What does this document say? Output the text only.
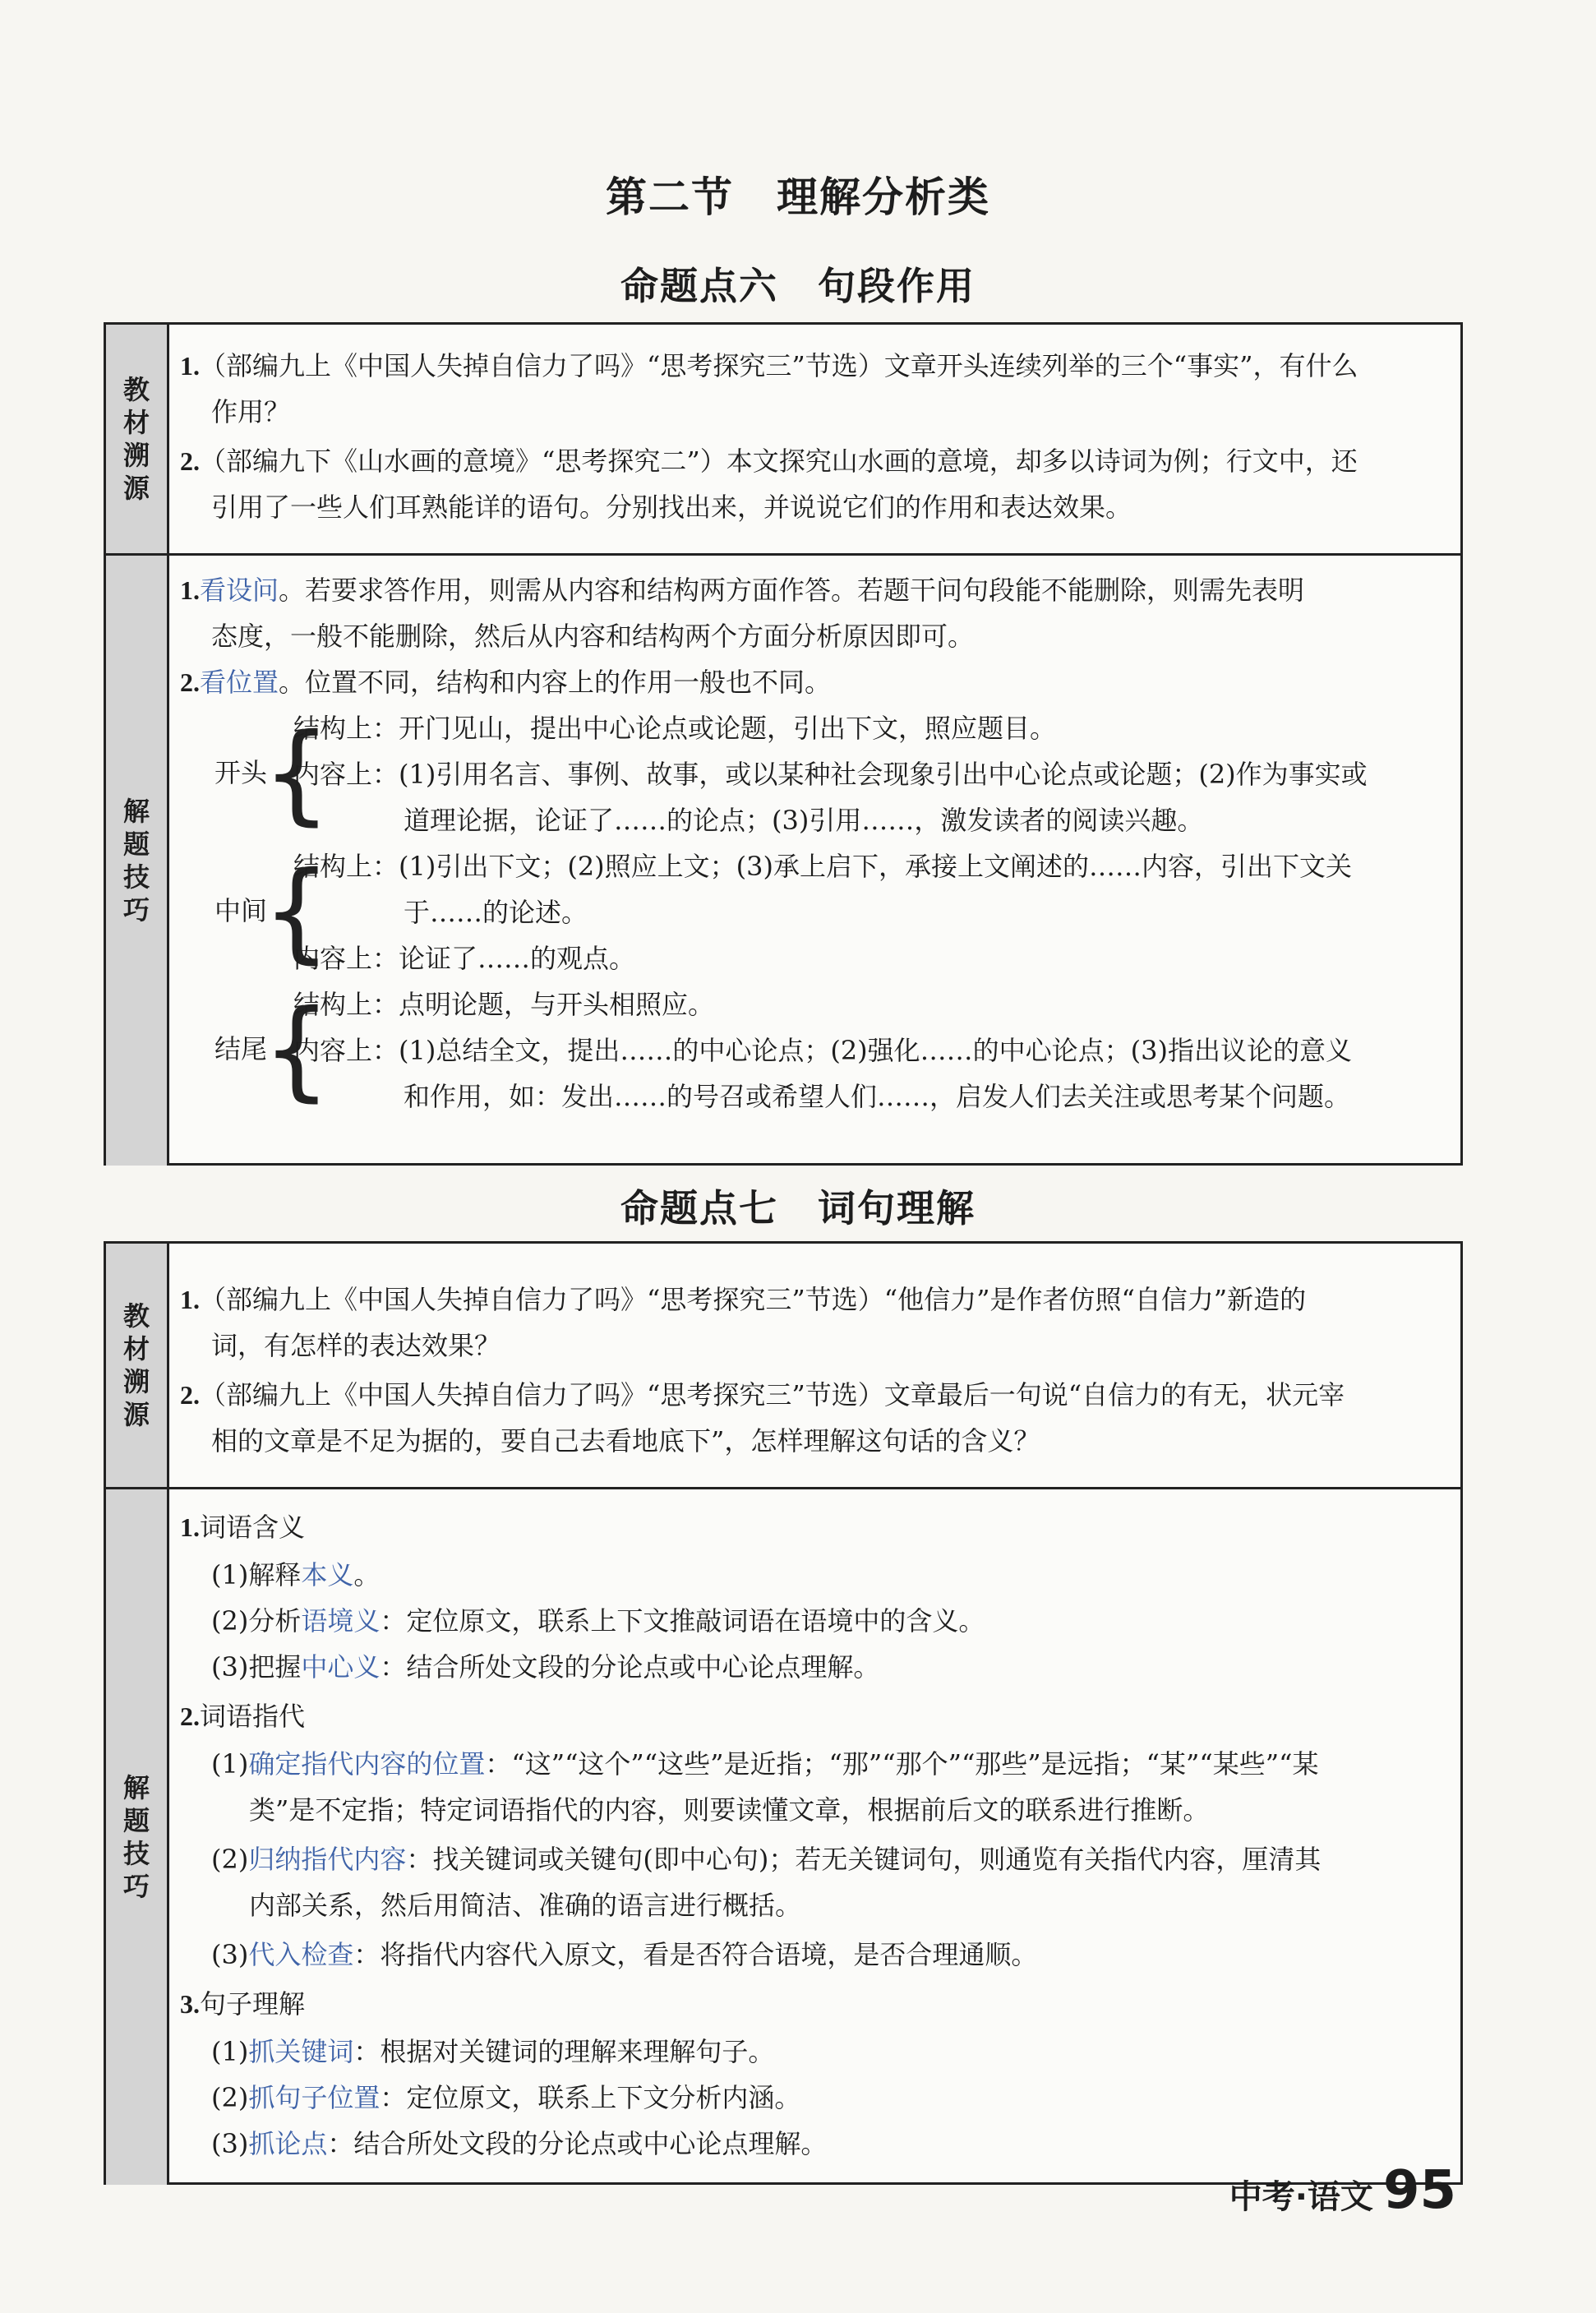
第二节　理解分析类
命题点六　句段作用
教材溯源
1.（部编九上《中国人失掉自信力了吗》“思考探究三”节选）文章开头连续列举的三个“事实”，有什么
作用？
2.（部编九下《山水画的意境》“思考探究二”）本文探究山水画的意境，却多以诗词为例；行文中，还
引用了一些人们耳熟能详的语句。分别找出来，并说说它们的作用和表达效果。
解题技巧
1.看设问。若要求答作用，则需从内容和结构两方面作答。若题干问句段能不能删除，则需先表明
态度，一般不能删除，然后从内容和结构两个方面分析原因即可。
2.看位置。位置不同，结构和内容上的作用一般也不同。
开头
{
结构上：开门见山，提出中心论点或论题，引出下文，照应题目。
内容上：(1)引用名言、事例、故事，或以某种社会现象引出中心论点或论题；(2)作为事实或
道理论据，论证了……的论点；(3)引用……，激发读者的阅读兴趣。
中间
{
结构上：(1)引出下文；(2)照应上文；(3)承上启下，承接上文阐述的……内容，引出下文关
于……的论述。
内容上：论证了……的观点。
结尾
{
结构上：点明论题，与开头相照应。
内容上：(1)总结全文，提出……的中心论点；(2)强化……的中心论点；(3)指出议论的意义
和作用，如：发出……的号召或希望人们……，启发人们去关注或思考某个问题。
命题点七　词句理解
教材溯源
1.（部编九上《中国人失掉自信力了吗》“思考探究三”节选）“他信力”是作者仿照“自信力”新造的
词，有怎样的表达效果？
2.（部编九上《中国人失掉自信力了吗》“思考探究三”节选）文章最后一句说“自信力的有无，状元宰
相的文章是不足为据的，要自己去看地底下”，怎样理解这句话的含义？
解题技巧
1.词语含义
(1)解释本义。
(2)分析语境义：定位原文，联系上下文推敲词语在语境中的含义。
(3)把握中心义：结合所处文段的分论点或中心论点理解。
2.词语指代
(1)确定指代内容的位置：“这”“这个”“这些”是近指；“那”“那个”“那些”是远指；“某”“某些”“某
类”是不定指；特定词语指代的内容，则要读懂文章，根据前后文的联系进行推断。
(2)归纳指代内容：找关键词或关键句(即中心句)；若无关键词句，则通览有关指代内容，厘清其
内部关系，然后用简洁、准确的语言进行概括。
(3)代入检查：将指代内容代入原文，看是否符合语境，是否合理通顺。
3.句子理解
(1)抓关键词：根据对关键词的理解来理解句子。
(2)抓句子位置：定位原文，联系上下文分析内涵。
(3)抓论点：结合所处文段的分论点或中心论点理解。
中考·语文 95
